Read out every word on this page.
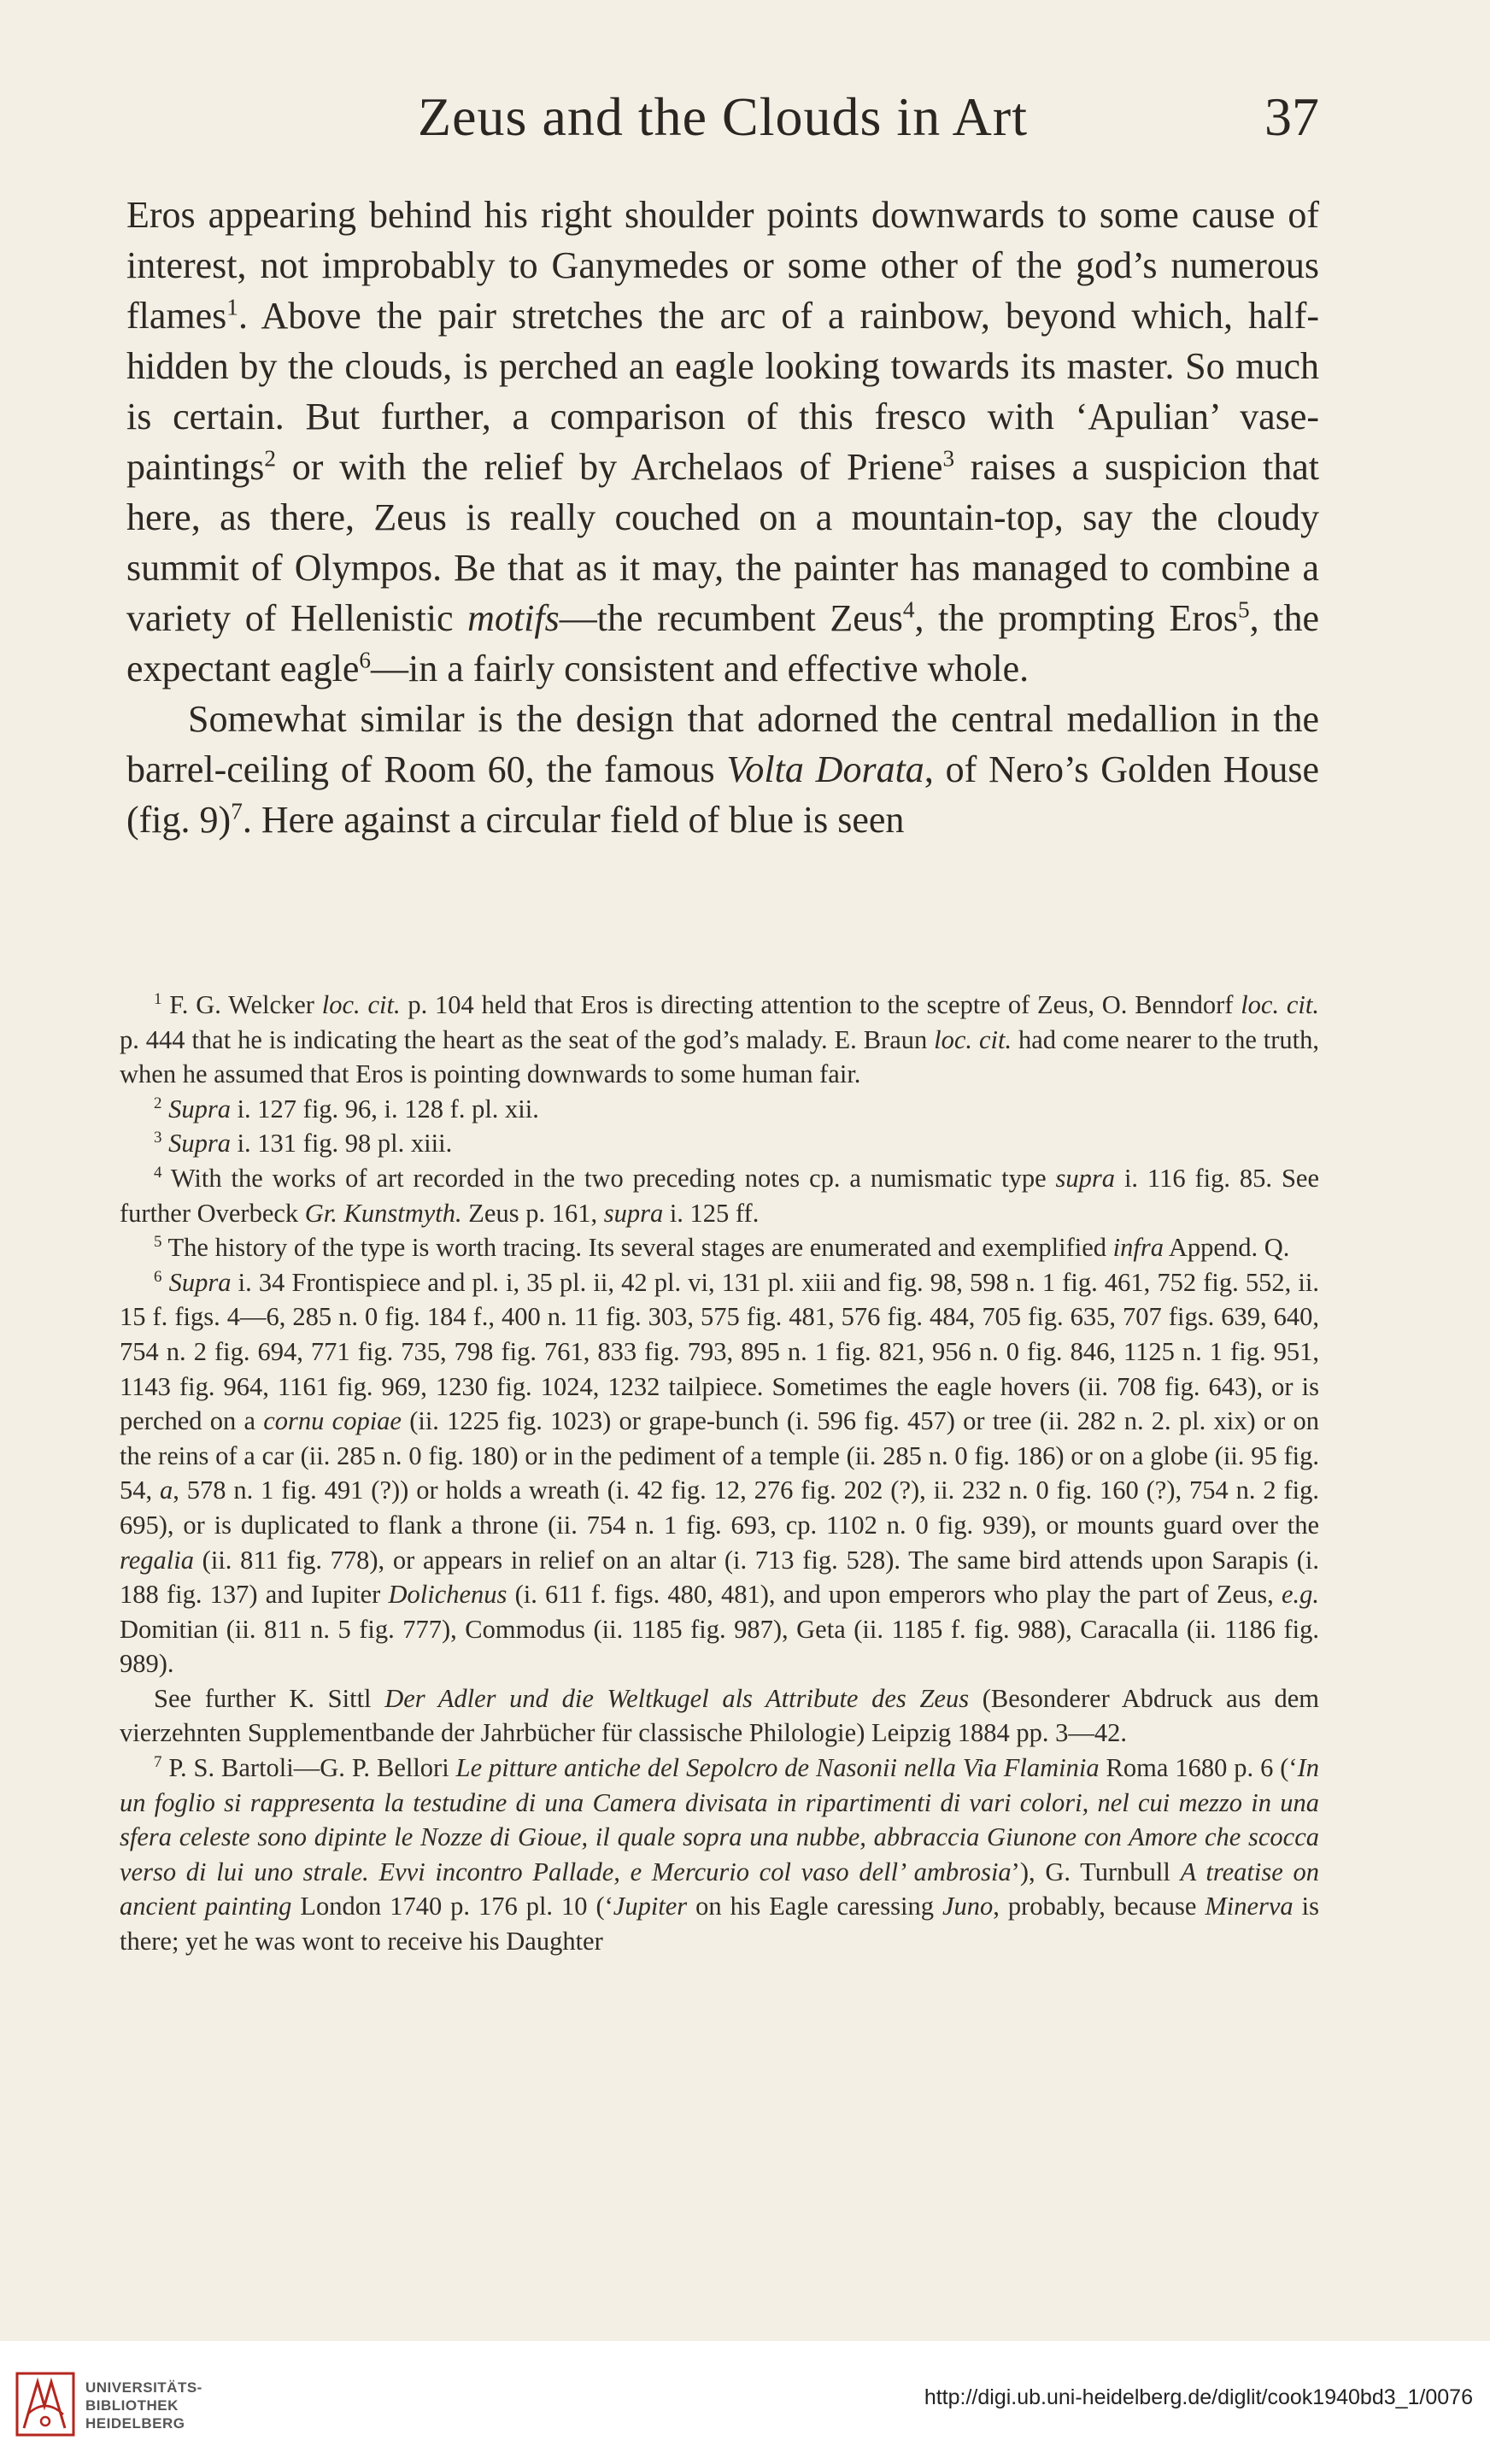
Zeus and the Clouds in Art	37

Eros appearing behind his right shoulder points downwards to some cause of interest, not improbably to Ganymedes or some other of the god’s numerous flames$^1$. Above the pair stretches the arc of a rainbow, beyond which, half-hidden by the clouds, is perched an eagle looking towards its master. So much is certain. But further, a comparison of this fresco with ‘Apulian’ vase-paintings$^2$ or with the relief by Archelaos of Priene$^3$ raises a suspicion that here, as there, Zeus is really couched on a mountain-top, say the cloudy summit of Olympos. Be that as it may, the painter has managed to combine a variety of Hellenistic motifs—the recumbent Zeus$^4$, the prompting Eros$^5$, the expectant eagle$^6$—in a fairly consistent and effective whole.

Somewhat similar is the design that adorned the central medallion in the barrel-ceiling of Room 60, the famous Volta Dorata, of Nero’s Golden House (fig. 9)$^7$. Here against a circular field of blue is seen

$^1$ F. G. Welcker loc. cit. p. 104 held that Eros is directing attention to the sceptre of Zeus, O. Benndorf loc. cit. p. 444 that he is indicating the heart as the seat of the god’s malady. E. Braun loc. cit. had come nearer to the truth, when he assumed that Eros is pointing downwards to some human fair.

$^2$ Supra i. 127 fig. 96, i. 128 f. pl. xii.

$^3$ Supra i. 131 fig. 98 pl. xiii.

$^4$ With the works of art recorded in the two preceding notes cp. a numismatic type supra i. 116 fig. 85. See further Overbeck Gr. Kunstmyth. Zeus p. 161, supra i. 125 ff.

$^5$ The history of the type is worth tracing. Its several stages are enumerated and exemplified infra Append. Q.

$^6$ Supra i. 34 Frontispiece and pl. i, 35 pl. ii, 42 pl. vi, 131 pl. xiii and fig. 98, 598 n. 1 fig. 461, 752 fig. 552, ii. 15 f. figs. 4—6, 285 n. 0 fig. 184 f., 400 n. 11 fig. 303, 575 fig. 481, 576 fig. 484, 705 fig. 635, 707 figs. 639, 640, 754 n. 2 fig. 694, 771 fig. 735, 798 fig. 761, 833 fig. 793, 895 n. 1 fig. 821, 956 n. 0 fig. 846, 1125 n. 1 fig. 951, 1143 fig. 964, 1161 fig. 969, 1230 fig. 1024, 1232 tailpiece. Sometimes the eagle hovers (ii. 708 fig. 643), or is perched on a cornu copiae (ii. 1225 fig. 1023) or grape-bunch (i. 596 fig. 457) or tree (ii. 282 n. 2. pl. xix) or on the reins of a car (ii. 285 n. 0 fig. 180) or in the pediment of a temple (ii. 285 n. 0 fig. 186) or on a globe (ii. 95 fig. 54, a, 578 n. 1 fig. 491 (?)) or holds a wreath (i. 42 fig. 12, 276 fig. 202 (?), ii. 232 n. 0 fig. 160 (?), 754 n. 2 fig. 695), or is duplicated to flank a throne (ii. 754 n. 1 fig. 693, cp. 1102 n. 0 fig. 939), or mounts guard over the regalia (ii. 811 fig. 778), or appears in relief on an altar (i. 713 fig. 528). The same bird attends upon Sarapis (i. 188 fig. 137) and Iupiter Dolichenus (i. 611 f. figs. 480, 481), and upon emperors who play the part of Zeus, e.g. Domitian (ii. 811 n. 5 fig. 777), Commodus (ii. 1185 fig. 987), Geta (ii. 1185 f. fig. 988), Caracalla (ii. 1186 fig. 989).

See further K. Sittl Der Adler und die Weltkugel als Attribute des Zeus (Besonderer Abdruck aus dem vierzehnten Supplementbande der Jahrbücher für classische Philologie) Leipzig 1884 pp. 3—42.

$^7$ P. S. Bartoli—G. P. Bellori Le pitture antiche del Sepolcro de Nasonii nella Via Flaminia Roma 1680 p. 6 (‘In un foglio si rappresenta la testudine di una Camera divisata in ripartimenti di vari colori, nel cui mezzo in una sfera celeste sono dipinte le Nozze di Gioue, il quale sopra una nubbe, abbraccia Giunone con Amore che scocca verso di lui uno strale. Evvi incontro Pallade, e Mercurio col vaso dell’ ambrosia’), G. Turnbull A treatise on ancient painting London 1740 p. 176 pl. 10 (‘Jupiter on his Eagle caressing Juno, probably, because Minerva is there; yet he was wont to receive his Daughter

UNIVERSITÄTS-
BIBLIOTHEK
HEIDELBERG
http://digi.ub.uni-heidelberg.de/diglit/cook1940bd3_1/0076
